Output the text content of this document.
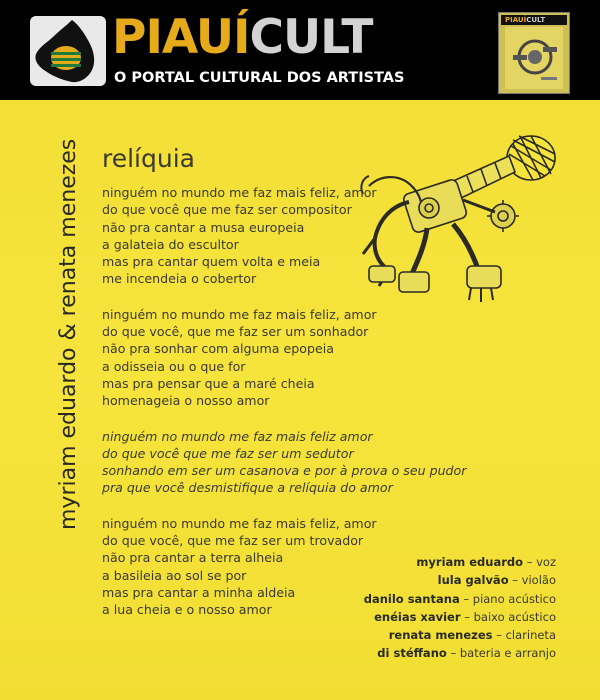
PIAUÍCULT
O PORTAL CULTURAL DOS ARTISTAS
PIAUÍCULT
myriam eduardo & renata menezes relíquia
ninguém no mundo me faz mais feliz, amor
do que você que me faz ser compositor
não pra cantar a musa europeia
a galateia do escultor
mas pra cantar quem volta e meia
me incendeia o cobertor
ninguém no mundo me faz mais feliz, amor
do que você, que me faz ser um sonhador
não pra sonhar com alguma epopeia
a odisseia ou o que for
mas pra pensar que a maré cheia
homenageia o nosso amor
ninguém no mundo me faz mais feliz amor
do que você que me faz ser um sedutor
sonhando em ser um casanova e por à prova o seu pudor
pra que você desmistifique a relíquia do amor
ninguém no mundo me faz mais feliz, amor
do que você, que me faz ser um trovador
não pra cantar a terra alheia
a basileia ao sol se por
mas pra cantar a minha aldeia
a lua cheia e o nosso amor
myriam eduardo – voz
lula galvão – violão
danilo santana – piano acústico
enéias xavier – baixo acústico
renata menezes – clarineta
di stéffano – bateria e arranjo
